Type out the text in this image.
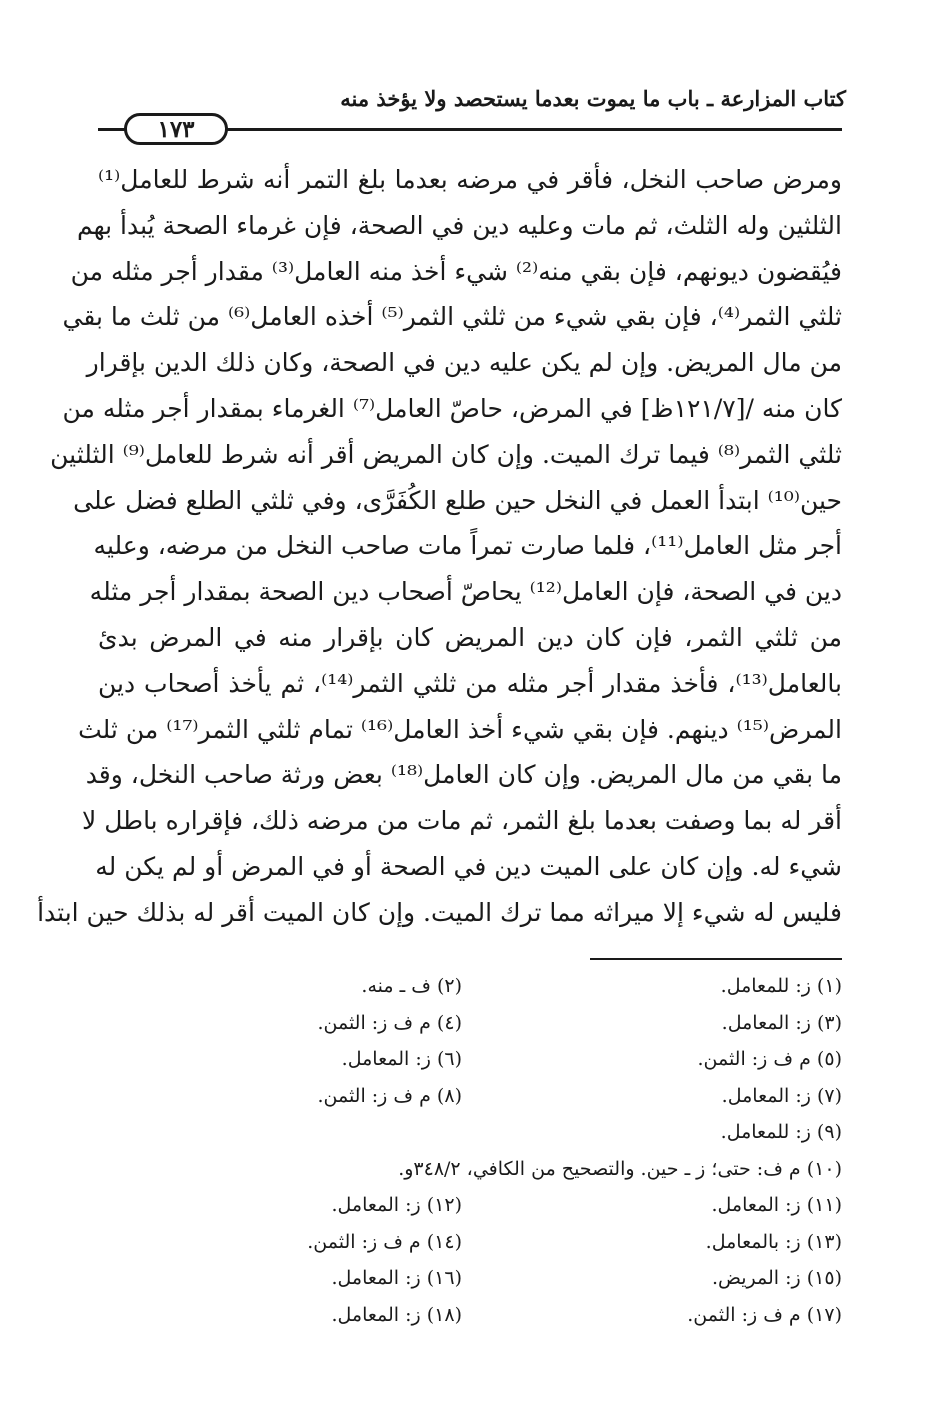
كتاب المزارعة ـ باب ما يموت بعدما يستحصد ولا يؤخذ منه
١٧٣
ومرض صاحب النخل، فأقر في مرضه بعدما بلغ التمر أنه شرط للعامل⁽¹⁾
الثلثين وله الثلث، ثم مات وعليه دين في الصحة، فإن غرماء الصحة يُبدأ بهم
فيُقضون ديونهم، فإن بقي منه⁽²⁾ شيء أخذ منه العامل⁽³⁾ مقدار أجر مثله من
ثلثي الثمر⁽⁴⁾، فإن بقي شيء من ثلثي الثمر⁽⁵⁾ أخذه العامل⁽⁶⁾ من ثلث ما بقي
من مال المريض. وإن لم يكن عليه دين في الصحة، وكان ذلك الدين بإقرار
كان منه /[١٢١/٧ظ] في المرض، حاصّ العامل⁽⁷⁾ الغرماء بمقدار أجر مثله من
ثلثي الثمر⁽⁸⁾ فيما ترك الميت. وإن كان المريض أقر أنه شرط للعامل⁽⁹⁾ الثلثين
حين⁽¹⁰⁾ ابتدأ العمل في النخل حين طلع الكُفَرَّى، وفي ثلثي الطلع فضل على
أجر مثل العامل⁽¹¹⁾، فلما صارت تمراً مات صاحب النخل من مرضه، وعليه
دين في الصحة، فإن العامل⁽¹²⁾ يحاصّ أصحاب دين الصحة بمقدار أجر مثله
من ثلثي الثمر، فإن كان دين المريض كان بإقرار منه في المرض بدئ
بالعامل⁽¹³⁾، فأخذ مقدار أجر مثله من ثلثي الثمر⁽¹⁴⁾، ثم يأخذ أصحاب دين
المرض⁽¹⁵⁾ دينهم. فإن بقي شيء أخذ العامل⁽¹⁶⁾ تمام ثلثي الثمر⁽¹⁷⁾ من ثلث
ما بقي من مال المريض. وإن كان العامل⁽¹⁸⁾ بعض ورثة صاحب النخل، وقد
أقر له بما وصفت بعدما بلغ الثمر، ثم مات من مرضه ذلك، فإقراره باطل لا
شيء له. وإن كان على الميت دين في الصحة أو في المرض أو لم يكن له
فليس له شيء إلا ميراثه مما ترك الميت. وإن كان الميت أقر له بذلك حين ابتدأ
(١) ز: للمعامل.
(٢) ف ـ منه.
(٣) ز: المعامل.
(٤) م ف ز: الثمن.
(٥) م ف ز: الثمن.
(٦) ز: المعامل.
(٧) ز: المعامل.
(٨) م ف ز: الثمن.
(٩) ز: للمعامل.
(١٠) م ف: حتى؛ ز ـ حين. والتصحيح من الكافي، ٣٤٨/٢و.
(١١) ز: المعامل.
(١٢) ز: المعامل.
(١٣) ز: بالمعامل.
(١٤) م ف ز: الثمن.
(١٥) ز: المريض.
(١٦) ز: المعامل.
(١٧) م ف ز: الثمن.
(١٨) ز: المعامل.
